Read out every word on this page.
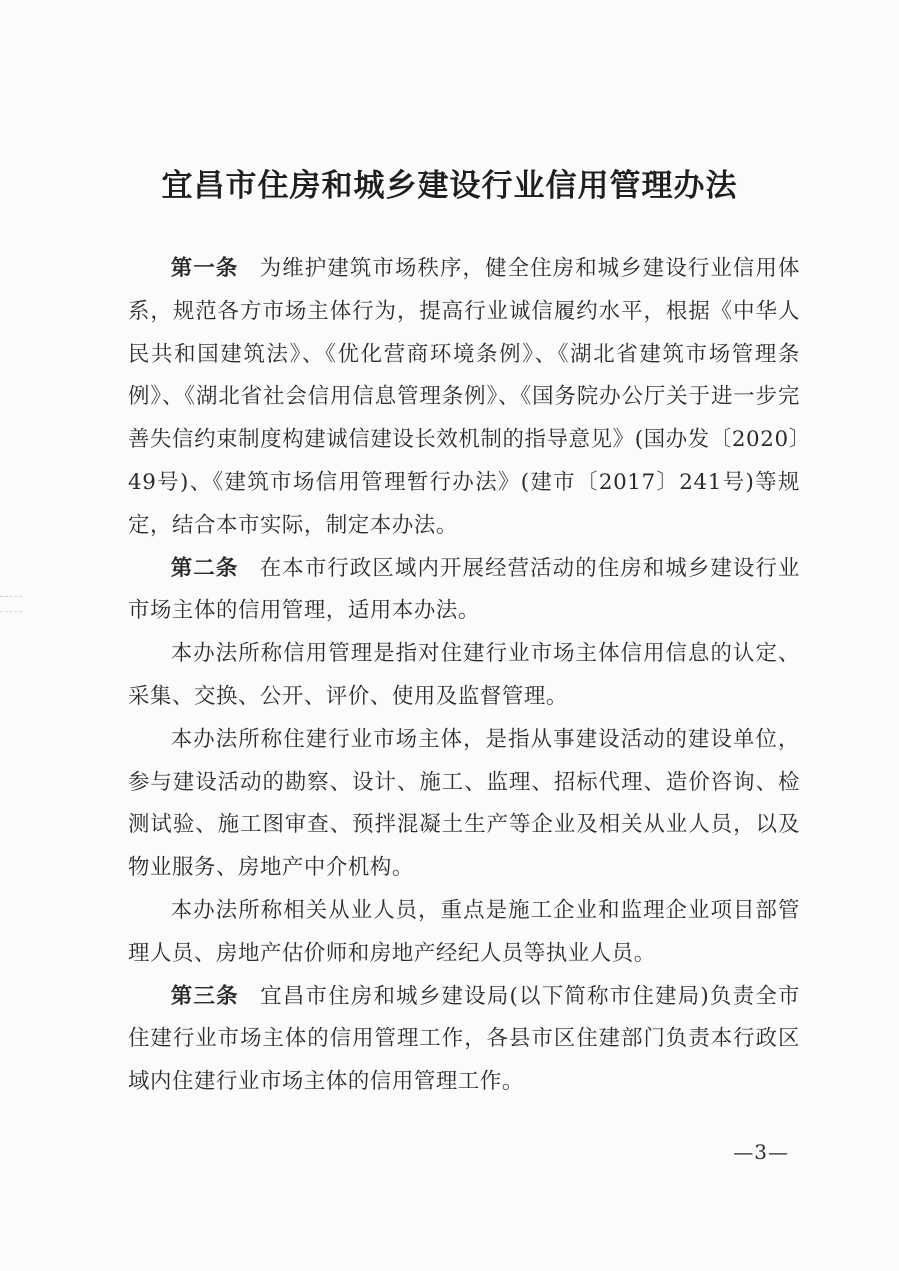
宜昌市住房和城乡建设行业信用管理办法

第一条 为维护建筑市场秩序，健全住房和城乡建设行业信用体系，规范各方市场主体行为，提高行业诚信履约水平，根据《中华人民共和国建筑法》、《优化营商环境条例》、《湖北省建筑市场管理条例》、《湖北省社会信用信息管理条例》、《国务院办公厅关于进一步完善失信约束制度构建诚信建设长效机制的指导意见》(国办发〔2020〕49号)、《建筑市场信用管理暂行办法》(建市〔2017〕241号)等规定，结合本市实际，制定本办法。

第二条 在本市行政区域内开展经营活动的住房和城乡建设行业市场主体的信用管理，适用本办法。

本办法所称信用管理是指对住建行业市场主体信用信息的认定、采集、交换、公开、评价、使用及监督管理。

本办法所称住建行业市场主体，是指从事建设活动的建设单位，参与建设活动的勘察、设计、施工、监理、招标代理、造价咨询、检测试验、施工图审查、预拌混凝土生产等企业及相关从业人员，以及物业服务、房地产中介机构。

本办法所称相关从业人员，重点是施工企业和监理企业项目部管理人员、房地产估价师和房地产经纪人员等执业人员。

第三条 宜昌市住房和城乡建设局(以下简称市住建局)负责全市住建行业市场主体的信用管理工作，各县市区住建部门负责本行政区域内住建行业市场主体的信用管理工作。

—3—
